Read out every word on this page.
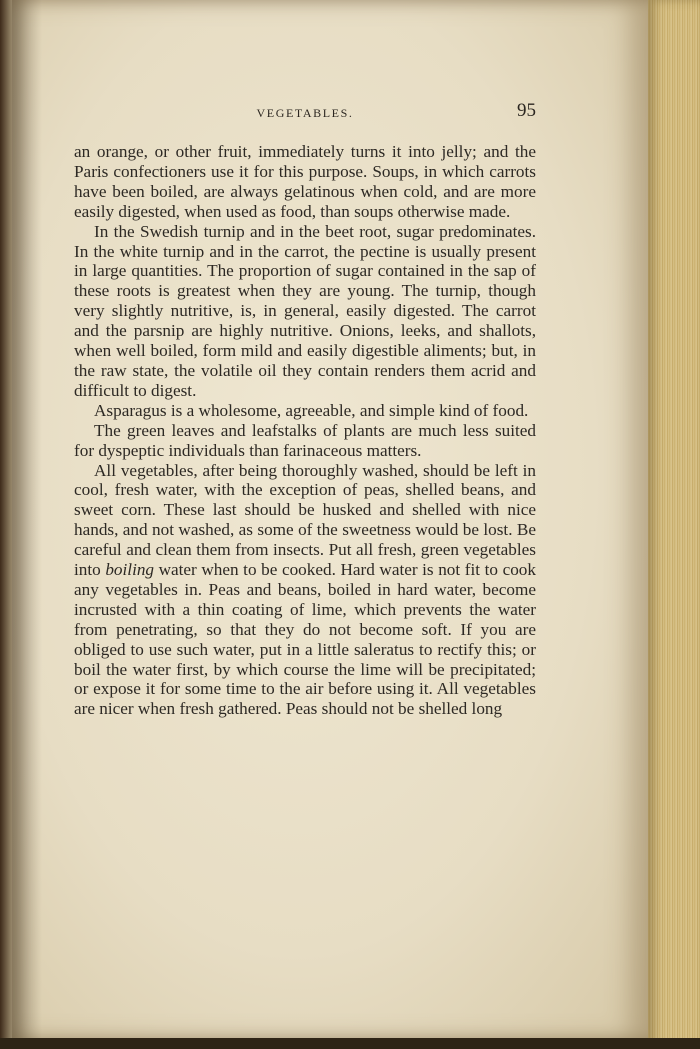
VEGETABLES.	95

an orange, or other fruit, immediately turns it into jelly; and the Paris confectioners use it for this purpose. Soups, in which carrots have been boiled, are always gelatinous when cold, and are more easily digested, when used as food, than soups otherwise made.

In the Swedish turnip and in the beet root, sugar predominates. In the white turnip and in the carrot, the pectine is usually present in large quantities. The proportion of sugar contained in the sap of these roots is greatest when they are young. The turnip, though very slightly nutritive, is, in general, easily digested. The carrot and the parsnip are highly nutritive. Onions, leeks, and shallots, when well boiled, form mild and easily digestible aliments; but, in the raw state, the volatile oil they contain renders them acrid and difficult to digest.

Asparagus is a wholesome, agreeable, and simple kind of food.

The green leaves and leafstalks of plants are much less suited for dyspeptic individuals than farinaceous matters.

All vegetables, after being thoroughly washed, should be left in cool, fresh water, with the exception of peas, shelled beans, and sweet corn. These last should be husked and shelled with nice hands, and not washed, as some of the sweetness would be lost. Be careful and clean them from insects. Put all fresh, green vegetables into boiling water when to be cooked. Hard water is not fit to cook any vegetables in. Peas and beans, boiled in hard water, become incrusted with a thin coating of lime, which prevents the water from penetrating, so that they do not become soft. If you are obliged to use such water, put in a little saleratus to rectify this; or boil the water first, by which course the lime will be precipitated; or expose it for some time to the air before using it. All vegetables are nicer when fresh gathered. Peas should not be shelled long
